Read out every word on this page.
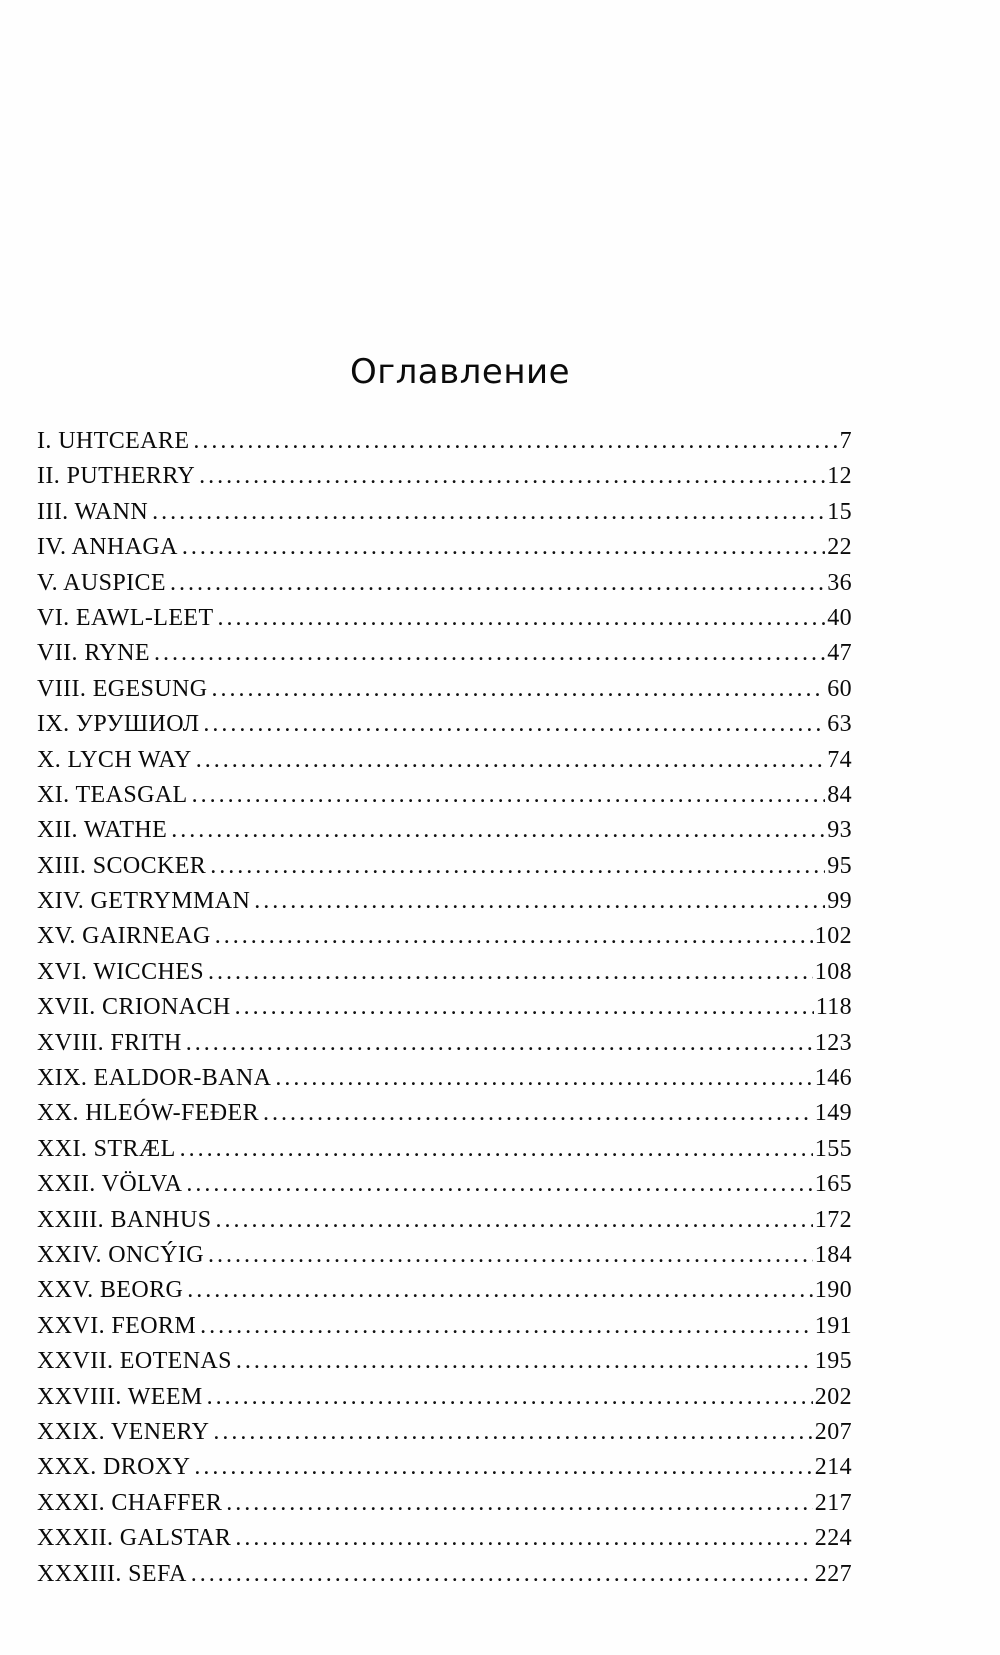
Оглавление
I. UHTCEARE .....	7
II. PUTHERRY .....	12
III. WANN .....	15
IV. ANHAGA .....	22
V. AUSPICE .....	36
VI. EAWL-LEET .....	40
VII. RYNE .....	47
VIII. EGESUNG .....	60
IX. УРУШИОЛ .....	63
X. LYCH WAY .....	74
XI. TEASGAL .....	84
XII. WATHE .....	93
XIII. SCOCKER .....	95
XIV. GETRYMMAN .....	99
XV. GAIRNEAG .....	102
XVI. WICCHES .....	108
XVII. CRIONACH .....	118
XVIII. FRITH .....	123
XIX. EALDOR-BANA .....	146
XX. HLEÓW-FEÐER .....	149
XXI. STRÆL .....	155
XXII. VÖLVA .....	165
XXIII. BANHUS .....	172
XXIV. ONCÝIG .....	184
XXV. BEORG .....	190
XXVI. FEORM .....	191
XXVII. EOTENAS .....	195
XXVIII. WEEM .....	202
XXIX. VENERY .....	207
XXX. DROXY .....	214
XXXI. CHAFFER .....	217
XXXII. GALSTAR .....	224
XXXIII. SEFA .....	227
